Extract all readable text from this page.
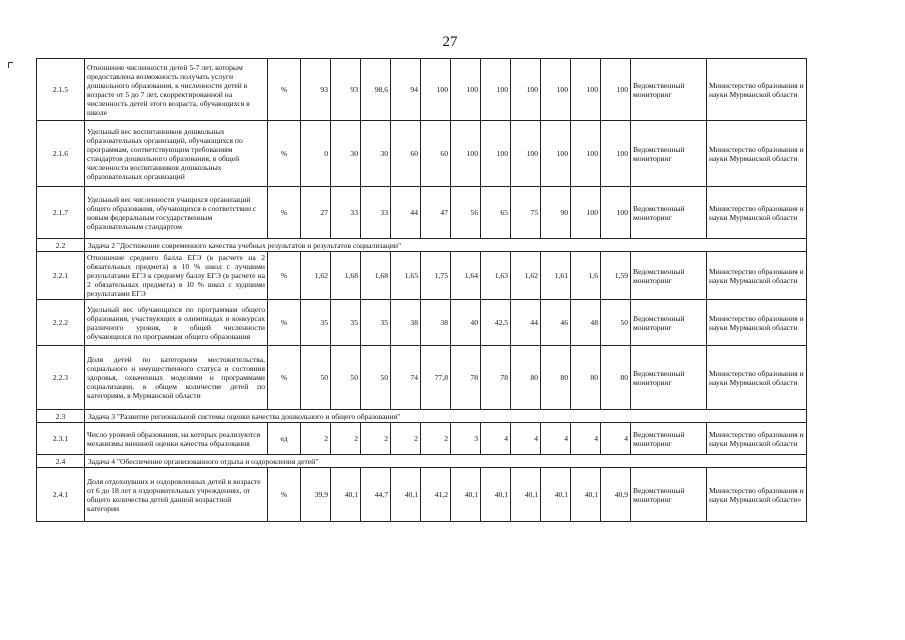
27
2.1.5	Отношение численности детей 5-7 лет, которым предоставлена возможность получать услуги дошкольного образования, к численности детей в возрасте от 5 до 7 лет, скорректированной на численность детей этого возраста, обучающихся в школе	%	93	93	98,6	94	100	100	100	100	100	100	100	Ведомственный мониторинг	Министерство образования и науки Мурманской области
2.1.6	Удельный вес воспитанников дошкольных образовательных организаций, обучающихся по программам, соответствующим требованиям стандартов дошкольного образования, в общей численности воспитанников дошкольных образовательных организаций	%	0	30	30	60	60	100	100	100	100	100	100	Ведомственный мониторинг	Министерство образования и науки Мурманской области
2.1.7	Удельный вес численности учащихся организаций общего образования, обучающихся в соответствии с новым федеральным государственным образовательным стандартом	%	27	33	33	44	47	56	65	75	90	100	100	Ведомственный мониторинг	Министерство образования и науки Мурманской области
2.2	Задача 2 "Достижение современного качества учебных результатов и результатов социализации"														
2.2.1	Отношение среднего балла ЕГЭ (в расчете на 2 обязательных предмета) в 10 % школ с лучшими результатами ЕГЭ к среднему баллу ЕГЭ (в расчете на 2 обязательных предмета) в 10 % школ с худшими результатами ЕГЭ	%	1,62	1,68	1,68	1,65	1,75	1,64	1,63	1,62	1,61	1,6	1,59	Ведомственный мониторинг	Министерство образования и науки Мурманской области
2.2.2	Удельный вес обучающихся по программам общего образования, участвующих в олимпиадах и конкурсах различного уровня, в общей численности обучающихся по программам общего образования	%	35	35	35	38	38	40	42,5	44	46	48	50	Ведомственный мониторинг	Министерство образования и науки Мурманской области
2.2.3	Доля детей по категориям местожительства, социального и имущественного статуса и состояния здоровья, охваченных моделями и программами социализации, в общем количестве детей по категориям, в Мурманской области	%	50	50	50	74	77,8	78	78	80	80	80	80	Ведомственный мониторинг	Министерство образования и науки Мурманской области
2.3	Задача 3 "Развитие региональной системы оценки качества дошкольного и общего образования"														
2.3.1	Число уровней образования, на которых реализуются механизмы внешней оценки качества образования	ед	2	2	2	2	2	3	4	4	4	4	4	Ведомственный мониторинг	Министерство образования и науки Мурманской области
2.4	Задача 4 "Обеспечение организованного отдыха и оздоровления детей"														
2.4.1	Доля отдохнувших и оздоровленных детей в возрасте от 6 до 18 лет в оздоровительных учреждениях, от общего количества детей данной возрастной категории	%	39,9	40,1	44,7	40,1	41,2	40,1	40,1	40,1	40,1	40,1	40,9	Ведомственный мониторинг	Министерство образования и науки Мурманской области»
